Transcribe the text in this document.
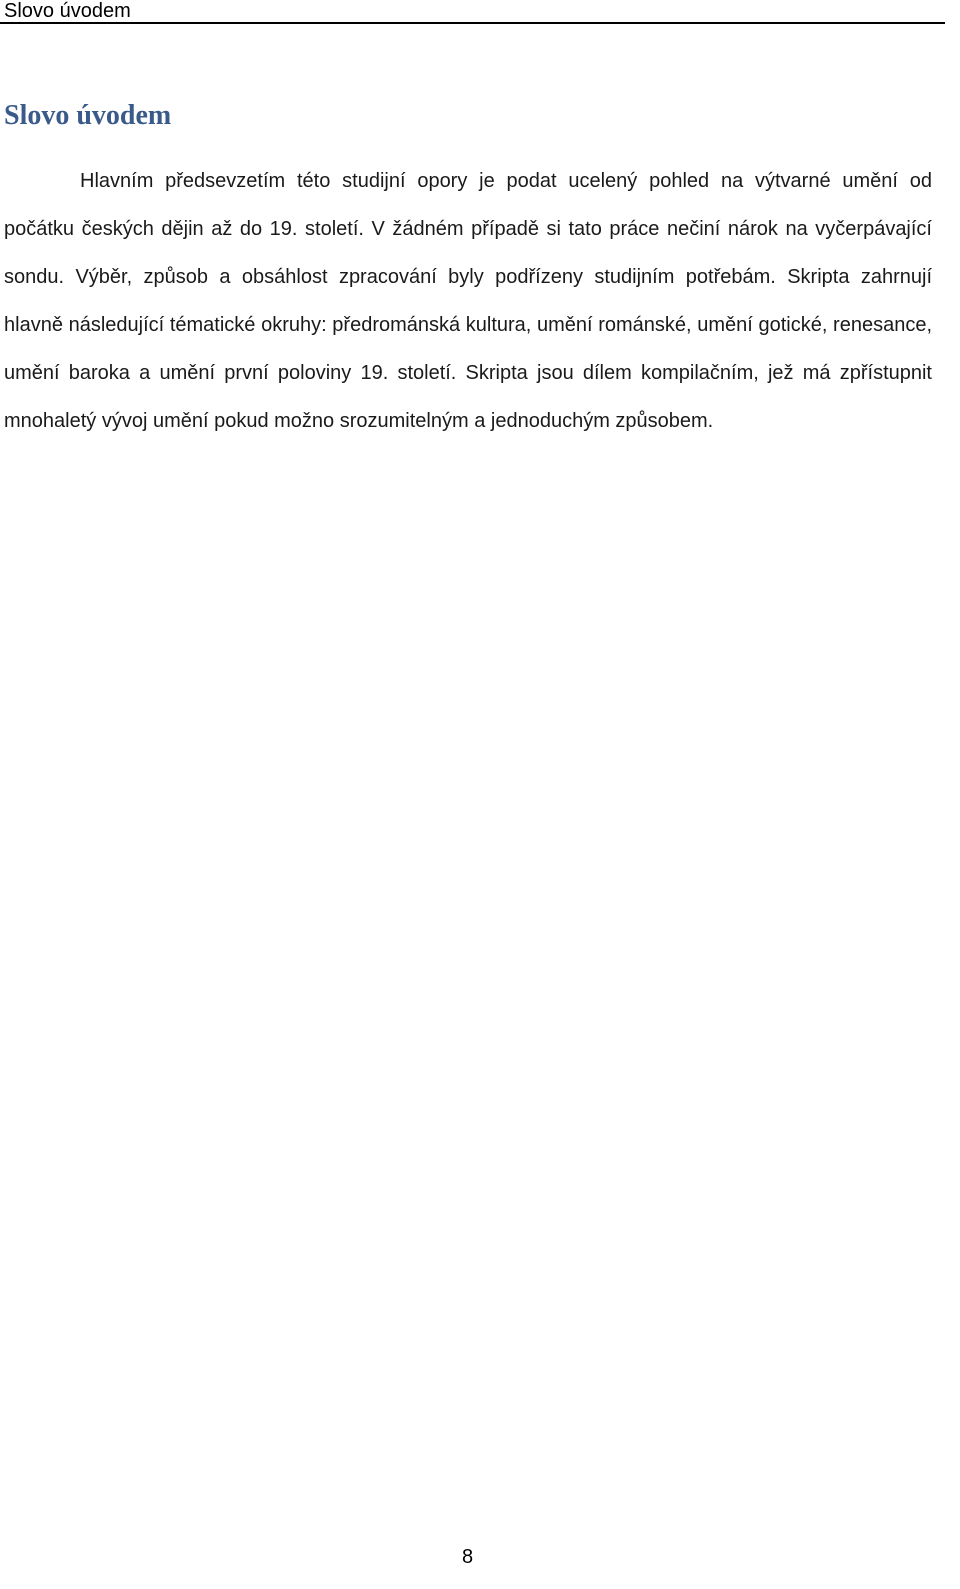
Slovo úvodem
Slovo úvodem

Hlavním předsevzetím této studijní opory je podat ucelený pohled na výtvarné umění od počátku českých dějin až do 19. století. V žádném případě si tato práce nečiní nárok na vyčerpávající sondu. Výběr, způsob a obsáhlost zpracování byly podřízeny studijním potřebám. Skripta zahrnují hlavně následující tématické okruhy: předrománská kultura, umění románské, umění gotické, renesance, umění baroka a umění první poloviny 19. století. Skripta jsou dílem kompilačním, jež má zpřístupnit mnohaletý vývoj umění pokud možno srozumitelným a jednoduchým způsobem.

8
